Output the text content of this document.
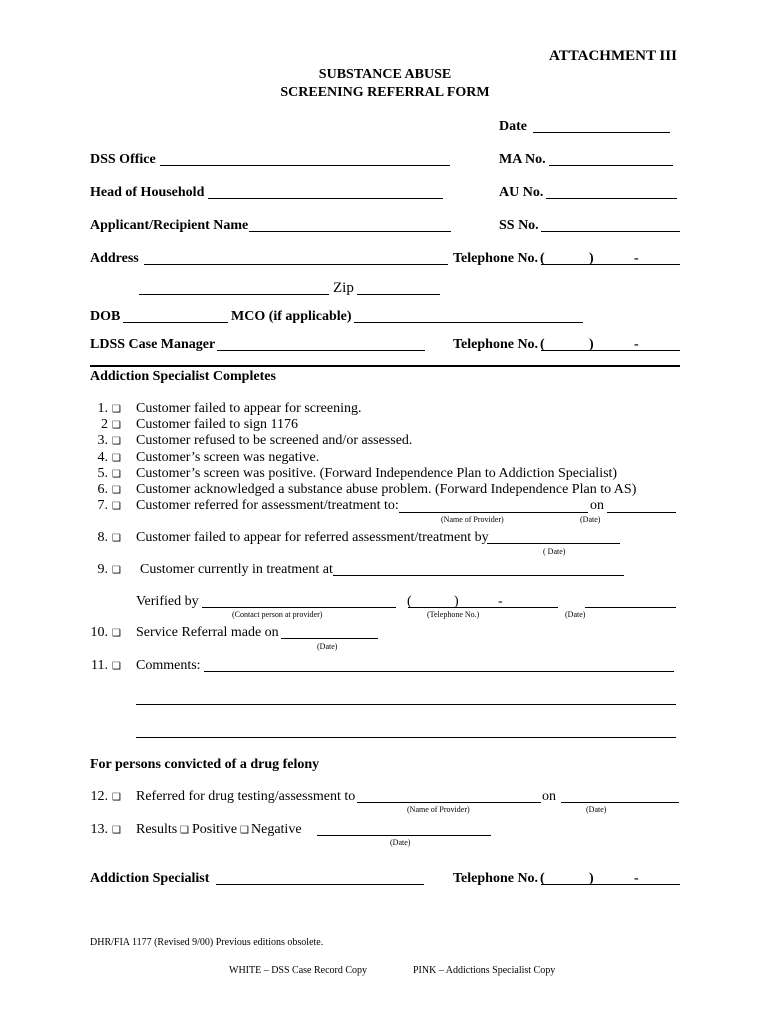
ATTACHMENT III
SUBSTANCE ABUSE
SCREENING REFERRAL FORM
Date
DSS Office	MA No.
Head of Household	AU No.
Applicant/Recipient Name	SS No.
Address	Telephone No. (	)	-
Zip
DOB	MCO (if applicable)
LDSS Case Manager	Telephone No. (	)	-
Addiction Specialist Completes
1. ❑ Customer failed to appear for screening.
2 ❑ Customer failed to sign 1176
3. ❑ Customer refused to be screened and/or assessed.
4. ❑ Customer’s screen was negative.
5. ❑ Customer’s screen was positive. (Forward Independence Plan to Addiction Specialist)
6. ❑ Customer acknowledged a substance abuse problem. (Forward Independence Plan to AS)
7. ❑ Customer referred for assessment/treatment to:	on
(Name of Provider)	(Date)
8. ❑ Customer failed to appear for referred assessment/treatment by
( Date)
9. ❑ Customer currently in treatment at
Verified by	(	)	-
(Contact person at provider)	(Telephone No.)	(Date)
10. ❑ Service Referral made on
(Date)
11. ❑ Comments:
For persons convicted of a drug felony
12. ❑ Referred for drug testing/assessment to	on
(Name of Provider)	(Date)
13. ❑ Results ❑ Positive ❑ Negative
(Date)
Addiction Specialist	Telephone No. (	)	-
DHR/FIA 1177 (Revised 9/00) Previous editions obsolete.
WHITE – DSS Case Record Copy	PINK – Addictions Specialist Copy
